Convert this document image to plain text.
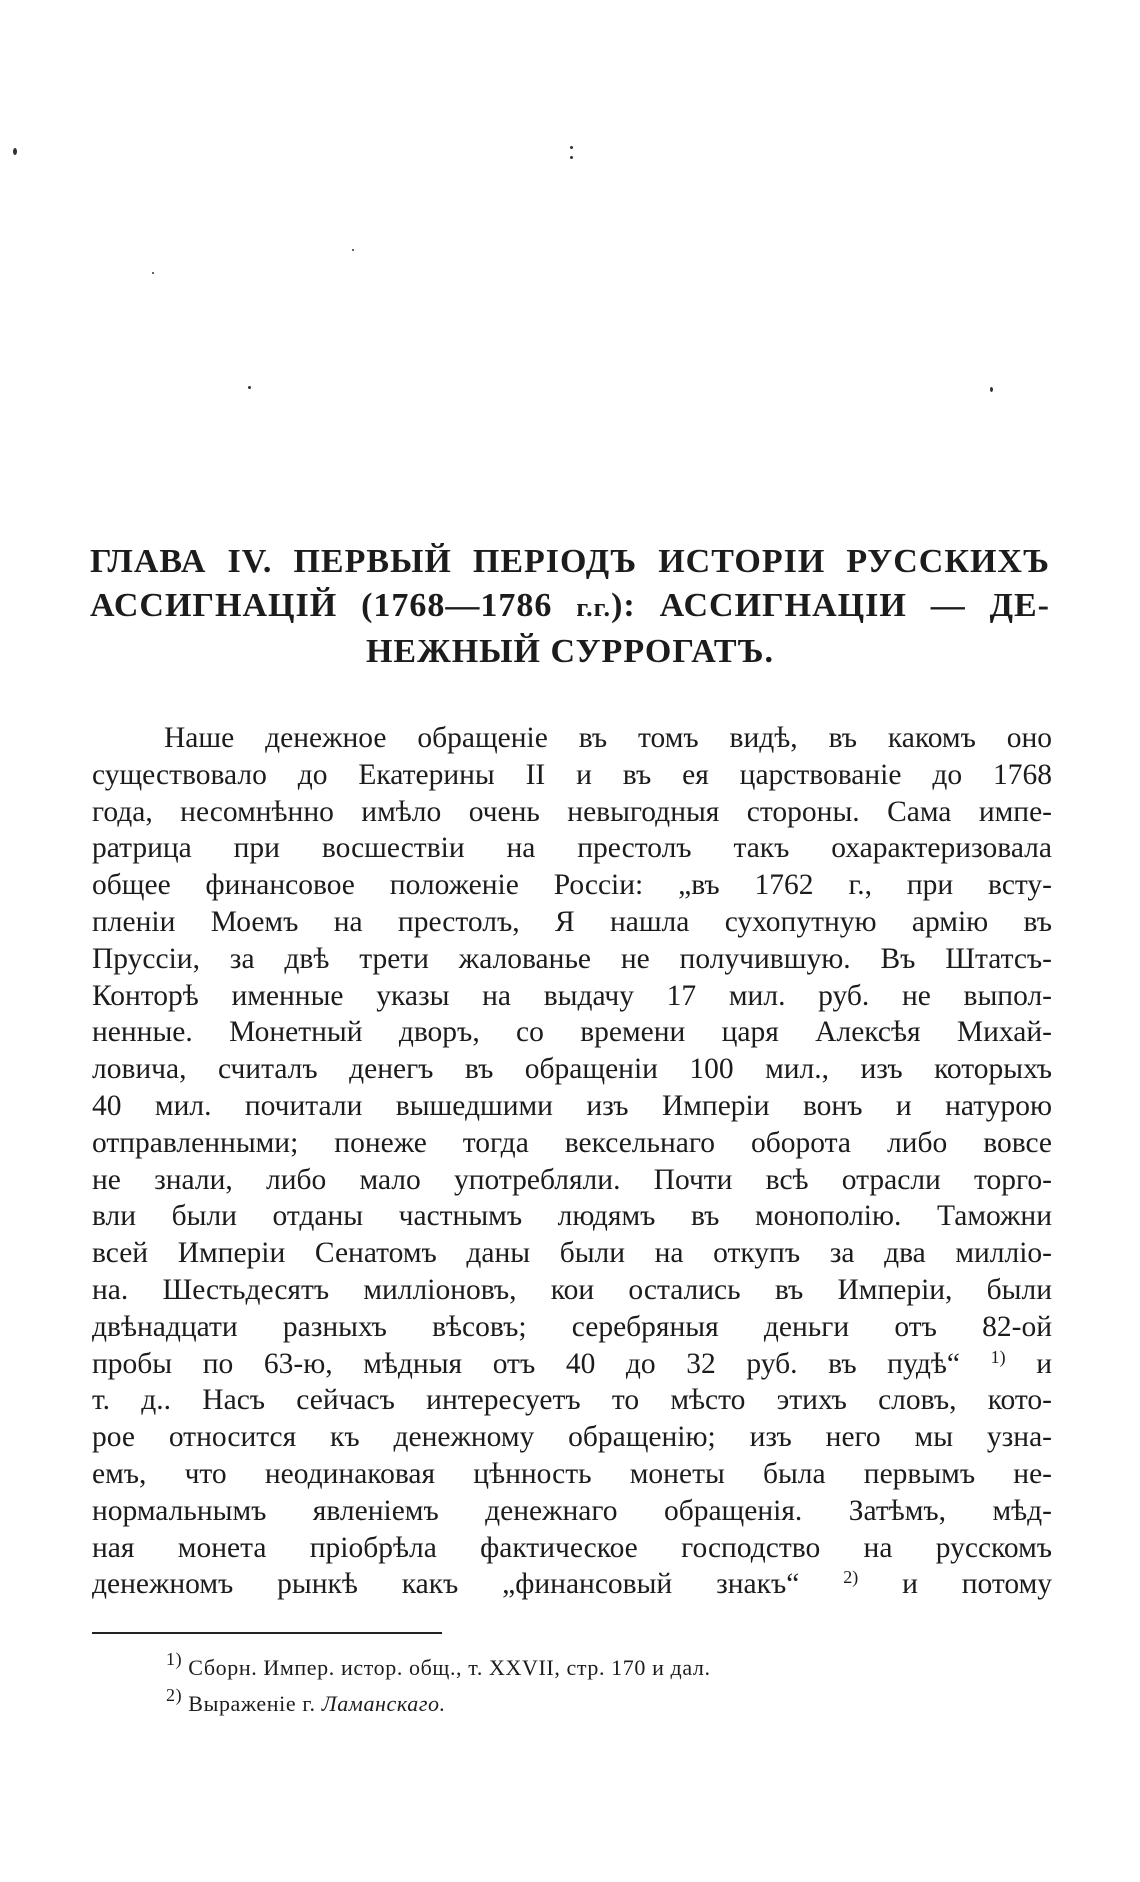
ГЛАВА IV. ПЕРВЫЙ ПЕРІОДЪ ИСТОРІИ РУССКИХЪ
АССИГНАЦІЙ (1768—1786 г.г.): АССИГНАЦІИ — ДЕ-
НЕЖНЫЙ СУРРОГАТЪ.
Наше денежное обращеніе въ томъ видѣ, въ какомъ оно
существовало до Екатерины II и въ ея царствованіе до 1768
года, несомнѣнно имѣло очень невыгодныя стороны. Сама импе-
ратрица при восшествіи на престолъ такъ охарактеризовала
общее финансовое положеніе Россіи: „въ 1762 г., при всту-
пленіи Моемъ на престолъ, Я нашла сухопутную армію въ
Пруссіи, за двѣ трети жалованье не получившую. Въ Штатсъ-
Конторѣ именные указы на выдачу 17 мил. руб. не выпол-
ненные. Монетный дворъ, со времени царя Алексѣя Михай-
ловича, считалъ денегъ въ обращеніи 100 мил., изъ которыхъ
40 мил. почитали вышедшими изъ Имперіи вонъ и натурою
отправленными; понеже тогда вексельнаго оборота либо вовсе
не знали, либо мало употребляли. Почти всѣ отрасли торго-
вли были отданы частнымъ людямъ въ монополію. Таможни
всей Имперіи Сенатомъ даны были на откупъ за два милліо-
на. Шестьдесятъ милліоновъ, кои остались въ Имперіи, были
двѣнадцати разныхъ вѣсовъ; серебряныя деньги отъ 82-ой
пробы по 63-ю, мѣдныя отъ 40 до 32 руб. въ пудѣ“ $^{1)}$ и
т. д.. Насъ сейчасъ интересуетъ то мѣсто этихъ словъ, кото-
рое относится къ денежному обращенію; изъ него мы узна-
емъ, что неодинаковая цѣнность монеты была первымъ не-
нормальнымъ явленіемъ денежнаго обращенія. Затѣмъ, мѣд-
ная монета пріобрѣла фактическое господство на русскомъ
денежномъ рынкѣ какъ „финансовый знакъ“ $^{2)}$ и потому
$^{1)}$ Сборн. Импер. истор. общ., т. XXVII, стр. 170 и дал.
$^{2)}$ Выраженіе г. Ламанскаго.
